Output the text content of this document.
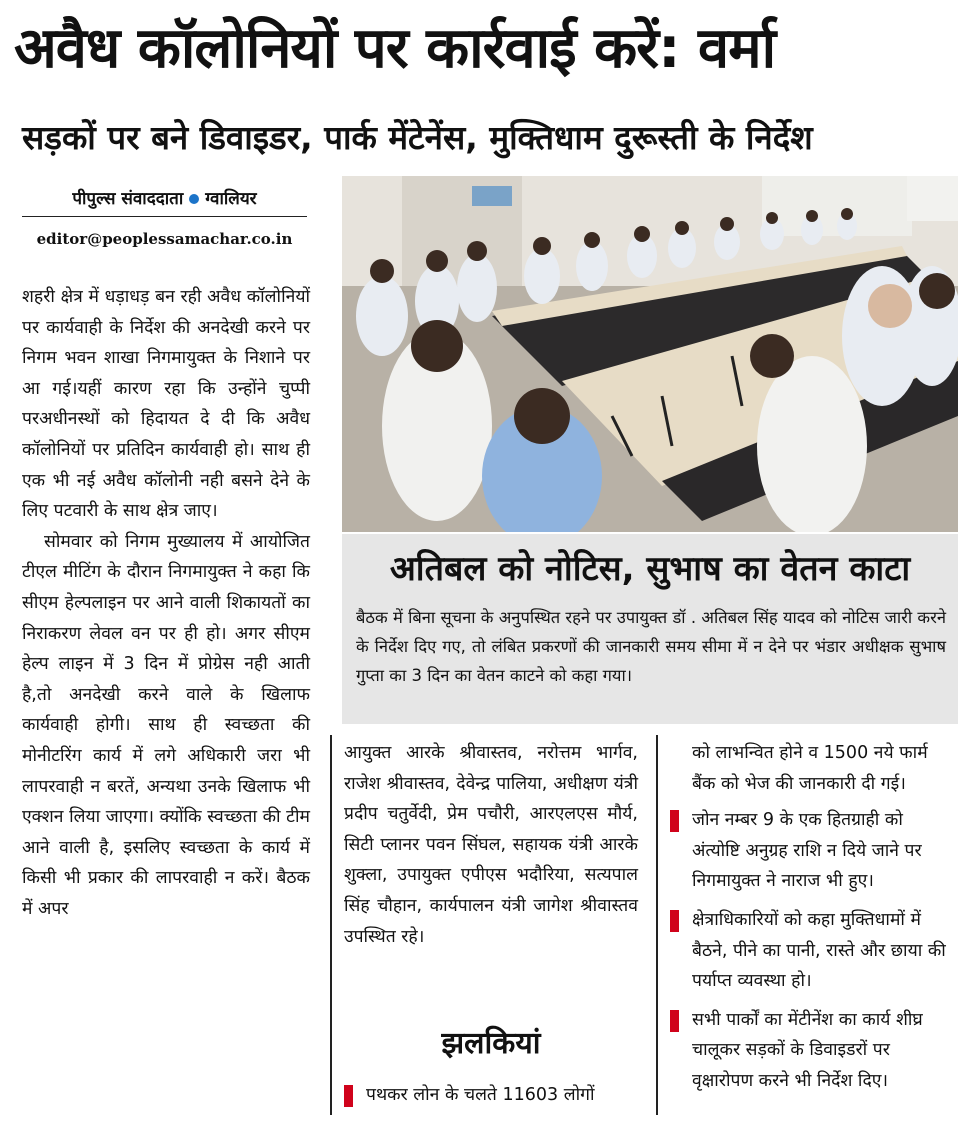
अवैध कॉलोनियों पर कार्रवाई करें: वर्मा
सड़कों पर बने डिवाइडर, पार्क मेंटेनेंस, मुक्तिधाम दुरूस्ती के निर्देश
पीपुल्स संवाददाता ग्वालियर
editor@peoplessamachar.co.in

शहरी क्षेत्र में धड़ाधड़ बन रही अवैध कॉलोनियों पर कार्यवाही के निर्देश की अनदेखी करने पर निगम भवन शाखा निगमायुक्त के निशाने पर आ गई।यहीं कारण रहा कि उन्होंने चुप्पी परअधीनस्थों को हिदायत दे दी कि अवैध कॉलोनियों पर प्रतिदिन कार्यवाही हो। साथ ही एक भी नई अवैध कॉलोनी नही बसने देने के लिए पटवारी के साथ क्षेत्र जाए।

सोमवार को निगम मुख्यालय में आयोजित टीएल मीटिंग के दौरान निगमायुक्त ने कहा कि सीएम हेल्पलाइन पर आने वाली शिकायतों का निराकरण लेवल वन पर ही हो। अगर सीएम हेल्प लाइन में 3 दिन में प्रोग्रेस नही आती है,तो अनदेखी करने वाले के खिलाफ कार्यवाही होगी। साथ ही स्वच्छता की मोनीटरिंग कार्य में लगे अधिकारी जरा भी लापरवाही न बरतें, अन्यथा उनके खिलाफ भी एक्शन लिया जाएगा। क्योंकि स्वच्छता की टीम आने वाली है, इसलिए स्वच्छता के कार्य में किसी भी प्रकार की लापरवाही न करें। बैठक में अपर

अतिबल को नोटिस, सुभाष का वेतन काटा
बैठक में बिना सूचना के अनुपस्थित रहने पर उपायुक्त डॉ . अतिबल सिंह यादव को नोटिस जारी करने के निर्देश दिए गए, तो लंबित प्रकरणों की जानकारी समय सीमा में न देने पर भंडार अधीक्षक सुभाष गुप्ता का 3 दिन का वेतन काटने को कहा गया।

आयुक्त आरके श्रीवास्तव, नरोत्तम भार्गव, राजेश श्रीवास्तव, देवेन्द्र पालिया, अधीक्षण यंत्री प्रदीप चतुर्वेदी, प्रेम पचौरी, आरएलएस मौर्य, सिटी प्लानर पवन सिंघल, सहायक यंत्री आरके शुक्ला, उपायुक्त एपीएस भदौरिया, सत्यपाल सिंह चौहान, कार्यपालन यंत्री जागेश श्रीवास्तव उपस्थित रहे।

झलकियां

पथकर लोन के चलते 11603 लोगों

को लाभन्वित होने व 1500 नये फार्म बैंक को भेज की जानकारी दी गई।

जोन नम्बर 9 के एक हितग्राही को अंत्योष्टि अनुग्रह राशि न दिये जाने पर निगमायुक्त ने नाराज भी हुए।

क्षेत्राधिकारियों को कहा मुक्तिधामों में बैठने, पीने का पानी, रास्ते और छाया की पर्याप्त व्यवस्था हो।

सभी पार्कों का मेंटीनेंश का कार्य शीघ्र चालूकर सड़कों के डिवाइडरों पर वृक्षारोपण करने भी निर्देश दिए।
